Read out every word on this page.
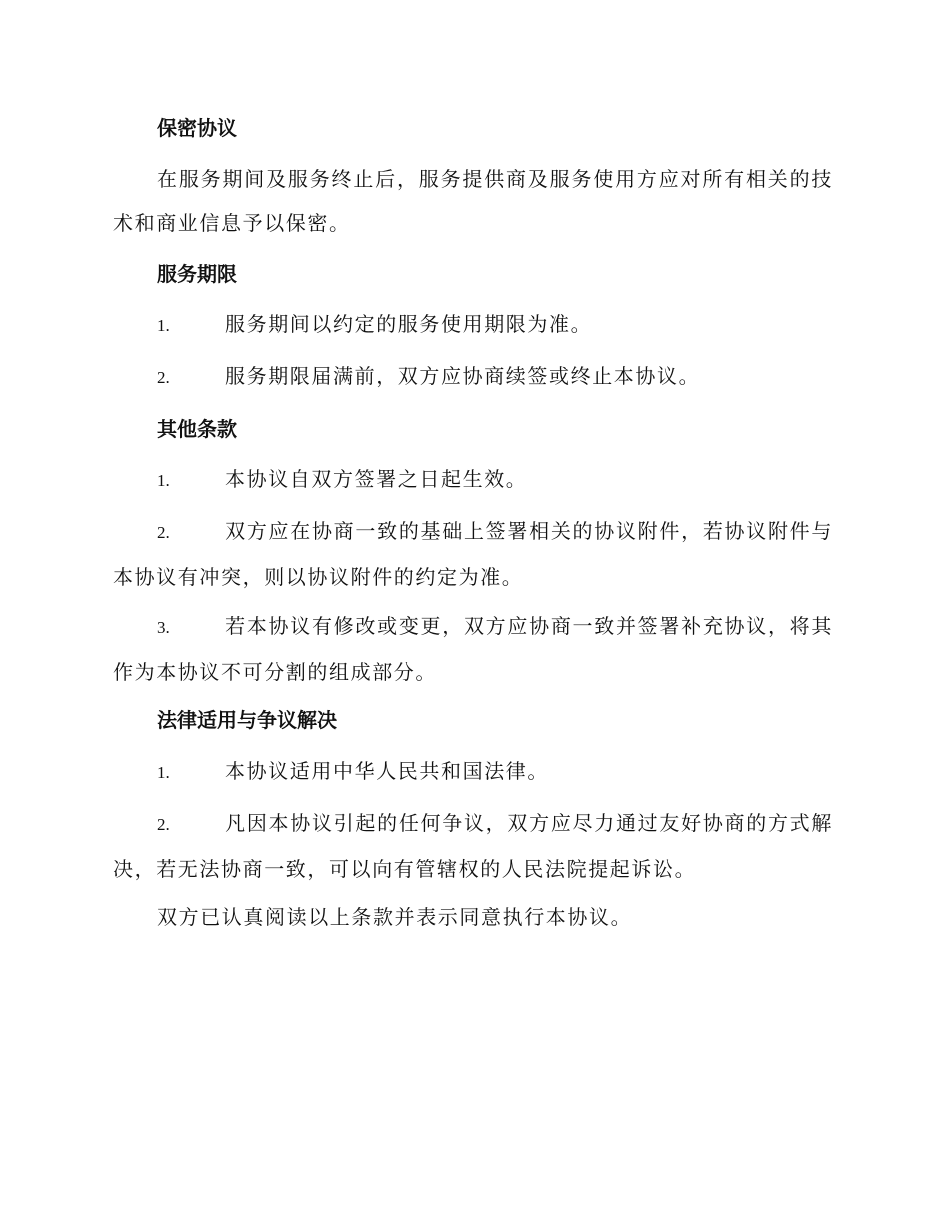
保密协议
在服务期间及服务终止后，服务提供商及服务使用方应对所有相关的技术和商业信息予以保密。
服务期限
1.	服务期间以约定的服务使用期限为准。
2.	服务期限届满前，双方应协商续签或终止本协议。
其他条款
1.	本协议自双方签署之日起生效。
2.	双方应在协商一致的基础上签署相关的协议附件，若协议附件与本协议有冲突，则以协议附件的约定为准。
3.	若本协议有修改或变更，双方应协商一致并签署补充协议，将其作为本协议不可分割的组成部分。
法律适用与争议解决
1.	本协议适用中华人民共和国法律。
2.	凡因本协议引起的任何争议，双方应尽力通过友好协商的方式解决，若无法协商一致，可以向有管辖权的人民法院提起诉讼。
双方已认真阅读以上条款并表示同意执行本协议。
